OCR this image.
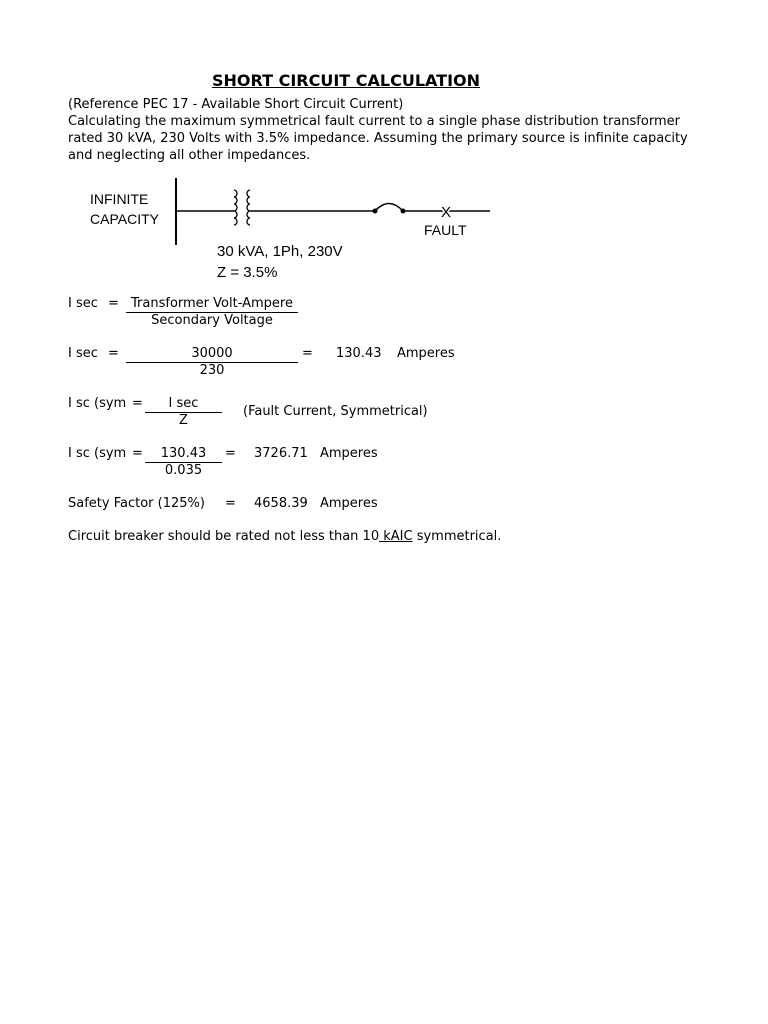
SHORT CIRCUIT CALCULATION
(Reference PEC 17 - Available Short Circuit Current)
Calculating the maximum symmetrical fault current to a single phase distribution transformer
rated 30 kVA, 230 Volts with 3.5% impedance. Assuming the primary source is infinite capacity
and neglecting all other impedances.
INFINITE
CAPACITY	X
FAULT
30 kVA, 1Ph, 230V
Z = 3.5%
I sec = Transformer Volt-Ampere
Secondary Voltage
I sec =	30000
230
= 130.43 Amperes
I sc (sym =	I sec
Z
(Fault Current, Symmetrical)
I sc (sym =	130.43
0.035
= 3726.71 Amperes
Safety Factor (125%) = 4658.39 Amperes
Circuit breaker should be rated not less than 10 kAIC symmetrical.
